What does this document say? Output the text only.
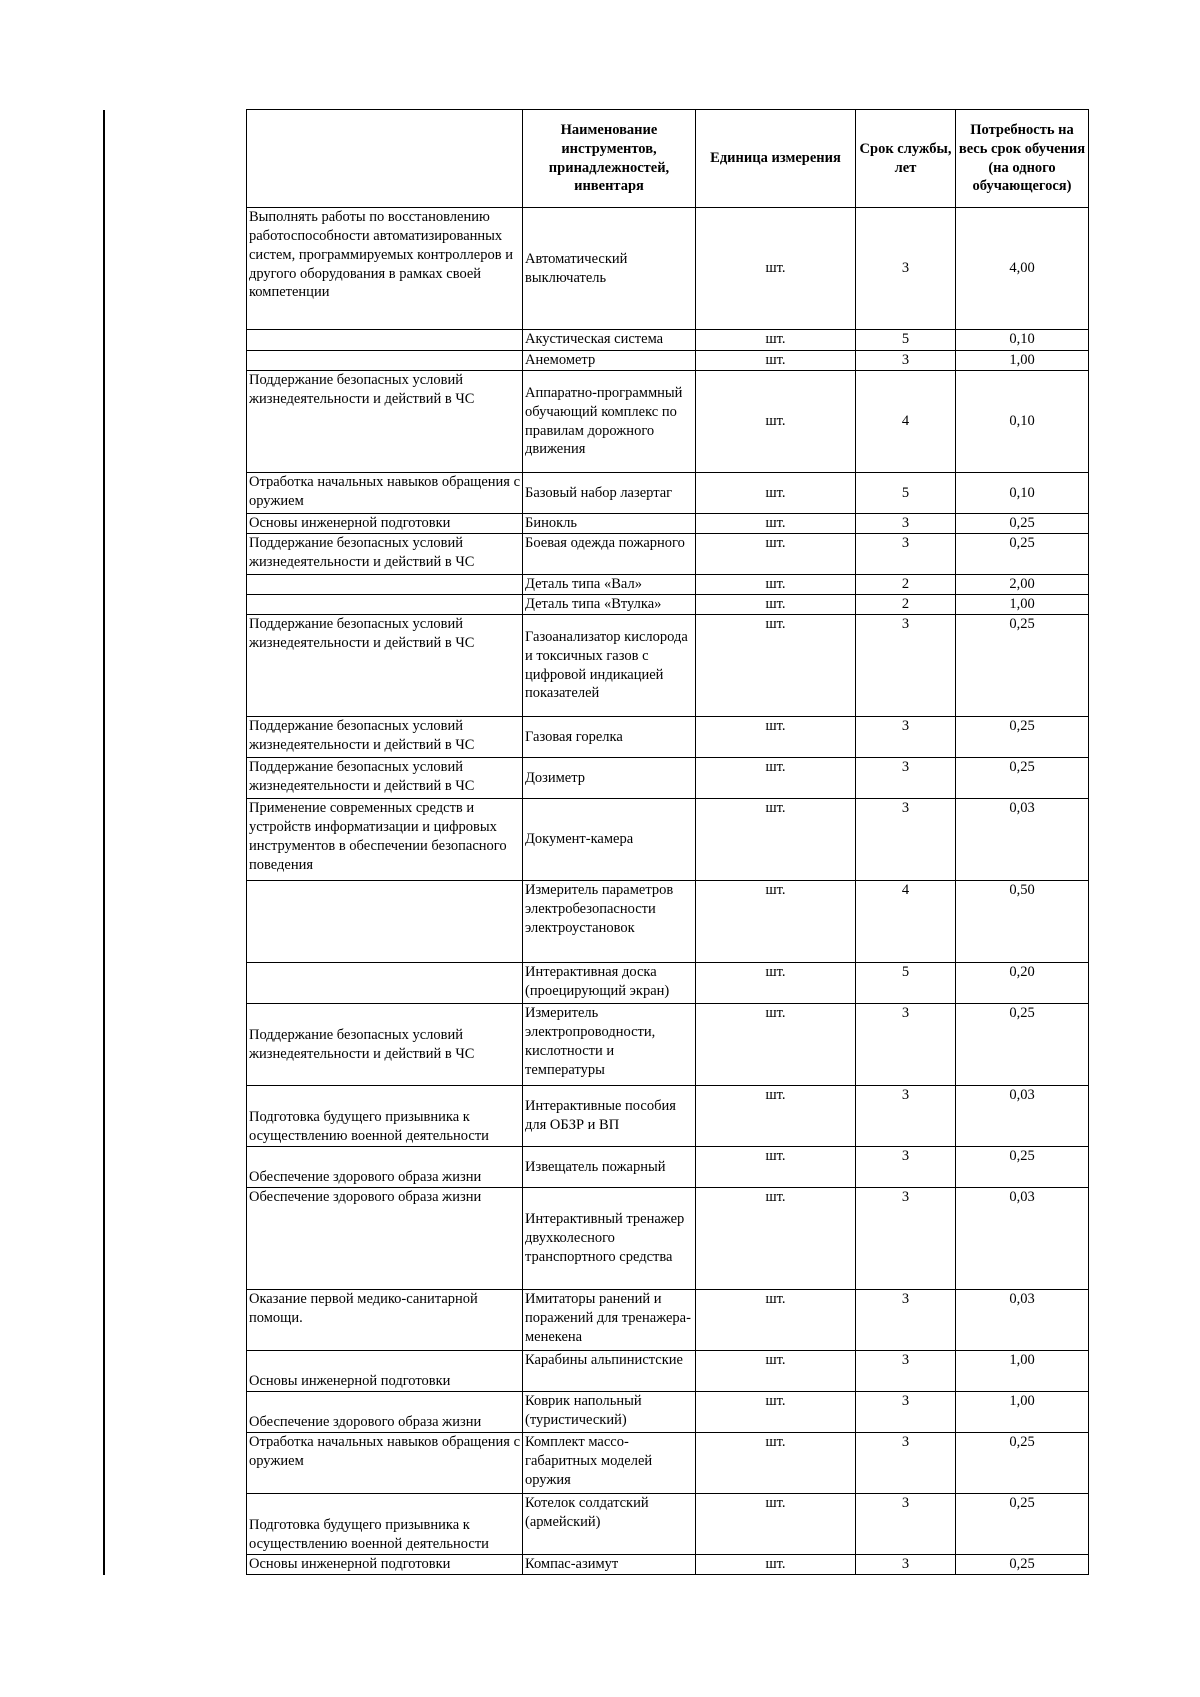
	Наименование инструментов, принадлежностей, инвентаря	Единица измерения	Срок службы, лет	Потребность на весь срок обучения (на одного обучающегося)
Выполнять работы по восстановлению работоспособности автоматизированных систем, программируемых контроллеров и другого оборудования в рамках своей компетенции	Автоматический выключатель	шт.	3	4,00
	Акустическая система	шт.	5	0,10
	Анемометр	шт.	3	1,00
Поддержание безопасных условий жизнедеятельности и действий в ЧС	Аппаратно-программный обучающий комплекс по правилам дорожного движения	шт.	4	0,10
Отработка начальных навыков обращения с оружием	Базовый набор лазертаг	шт.	5	0,10
Основы инженерной подготовки	Бинокль	шт.	3	0,25
Поддержание безопасных условий жизнедеятельности и действий в ЧС	Боевая одежда пожарного	шт.	3	0,25
	Деталь типа «Вал»	шт.	2	2,00
	Деталь типа «Втулка»	шт.	2	1,00
Поддержание безопасных условий жизнедеятельности и действий в ЧС	Газоанализатор кислорода и токсичных газов с цифровой индикацией показателей	шт.	3	0,25
Поддержание безопасных условий жизнедеятельности и действий в ЧС	Газовая горелка	шт.	3	0,25
Поддержание безопасных условий жизнедеятельности и действий в ЧС	Дозиметр	шт.	3	0,25
Применение современных средств и устройств информатизации и цифровых инструментов в обеспечении безопасного поведения	Документ-камера	шт.	3	0,03
	Измеритель параметров электробезопасности электроустановок	шт.	4	0,50
	Интерактивная доска (проецирующий экран)	шт.	5	0,20
Поддержание безопасных условий жизнедеятельности и действий в ЧС	Измеритель электропроводности, кислотности и температуры	шт.	3	0,25
Подготовка будущего призывника к осуществлению военной деятельности	Интерактивные пособия для ОБЗР и ВП	шт.	3	0,03
Обеспечение здорового образа жизни	Извещатель пожарный	шт.	3	0,25
Обеспечение здорового образа жизни	Интерактивный тренажер двухколесного транспортного средства	шт.	3	0,03
Оказание первой медико-санитарной помощи.	Имитаторы ранений и поражений для тренажера-менекена	шт.	3	0,03
Основы инженерной подготовки	Карабины альпинистские	шт.	3	1,00
Обеспечение здорового образа жизни	Коврик напольный (туристический)	шт.	3	1,00
Отработка начальных навыков обращения с оружием	Комплект массо-габаритных моделей оружия	шт.	3	0,25
Подготовка будущего призывника к осуществлению военной деятельности	Котелок солдатский (армейский)	шт.	3	0,25
Основы инженерной подготовки	Компас-азимут	шт.	3	0,25
